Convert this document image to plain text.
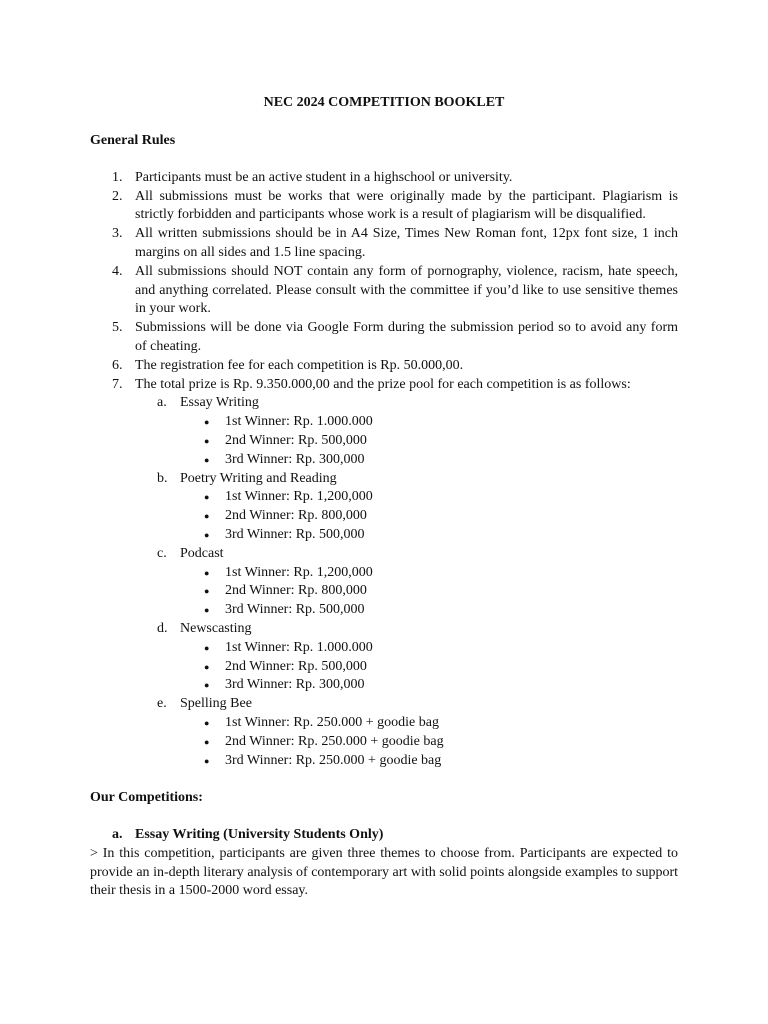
NEC 2024 COMPETITION BOOKLET

General Rules

1. Participants must be an active student in a highschool or university.
2. All submissions must be works that were originally made by the participant. Plagiarism is strictly forbidden and participants whose work is a result of plagiarism will be disqualified.
3. All written submissions should be in A4 Size, Times New Roman font, 12px font size, 1 inch margins on all sides and 1.5 line spacing.
4. All submissions should NOT contain any form of pornography, violence, racism, hate speech, and anything correlated. Please consult with the committee if you’d like to use sensitive themes in your work.
5. Submissions will be done via Google Form during the submission period so to avoid any form of cheating.
6. The registration fee for each competition is Rp. 50.000,00.
7. The total prize is Rp. 9.350.000,00 and the prize pool for each competition is as follows:
a. Essay Writing
● 1st Winner: Rp. 1.000.000
● 2nd Winner: Rp. 500,000
● 3rd Winner: Rp. 300,000
b. Poetry Writing and Reading
● 1st Winner: Rp. 1,200,000
● 2nd Winner: Rp. 800,000
● 3rd Winner: Rp. 500,000
c. Podcast
● 1st Winner: Rp. 1,200,000
● 2nd Winner: Rp. 800,000
● 3rd Winner: Rp. 500,000
d. Newscasting
● 1st Winner: Rp. 1.000.000
● 2nd Winner: Rp. 500,000
● 3rd Winner: Rp. 300,000
e. Spelling Bee
● 1st Winner: Rp. 250.000 + goodie bag
● 2nd Winner: Rp. 250.000 + goodie bag
● 3rd Winner: Rp. 250.000 + goodie bag

Our Competitions:

a. Essay Writing (University Students Only)

> In this competition, participants are given three themes to choose from. Participants are expected to provide an in-depth literary analysis of contemporary art with solid points alongside examples to support their thesis in a 1500-2000 word essay.
